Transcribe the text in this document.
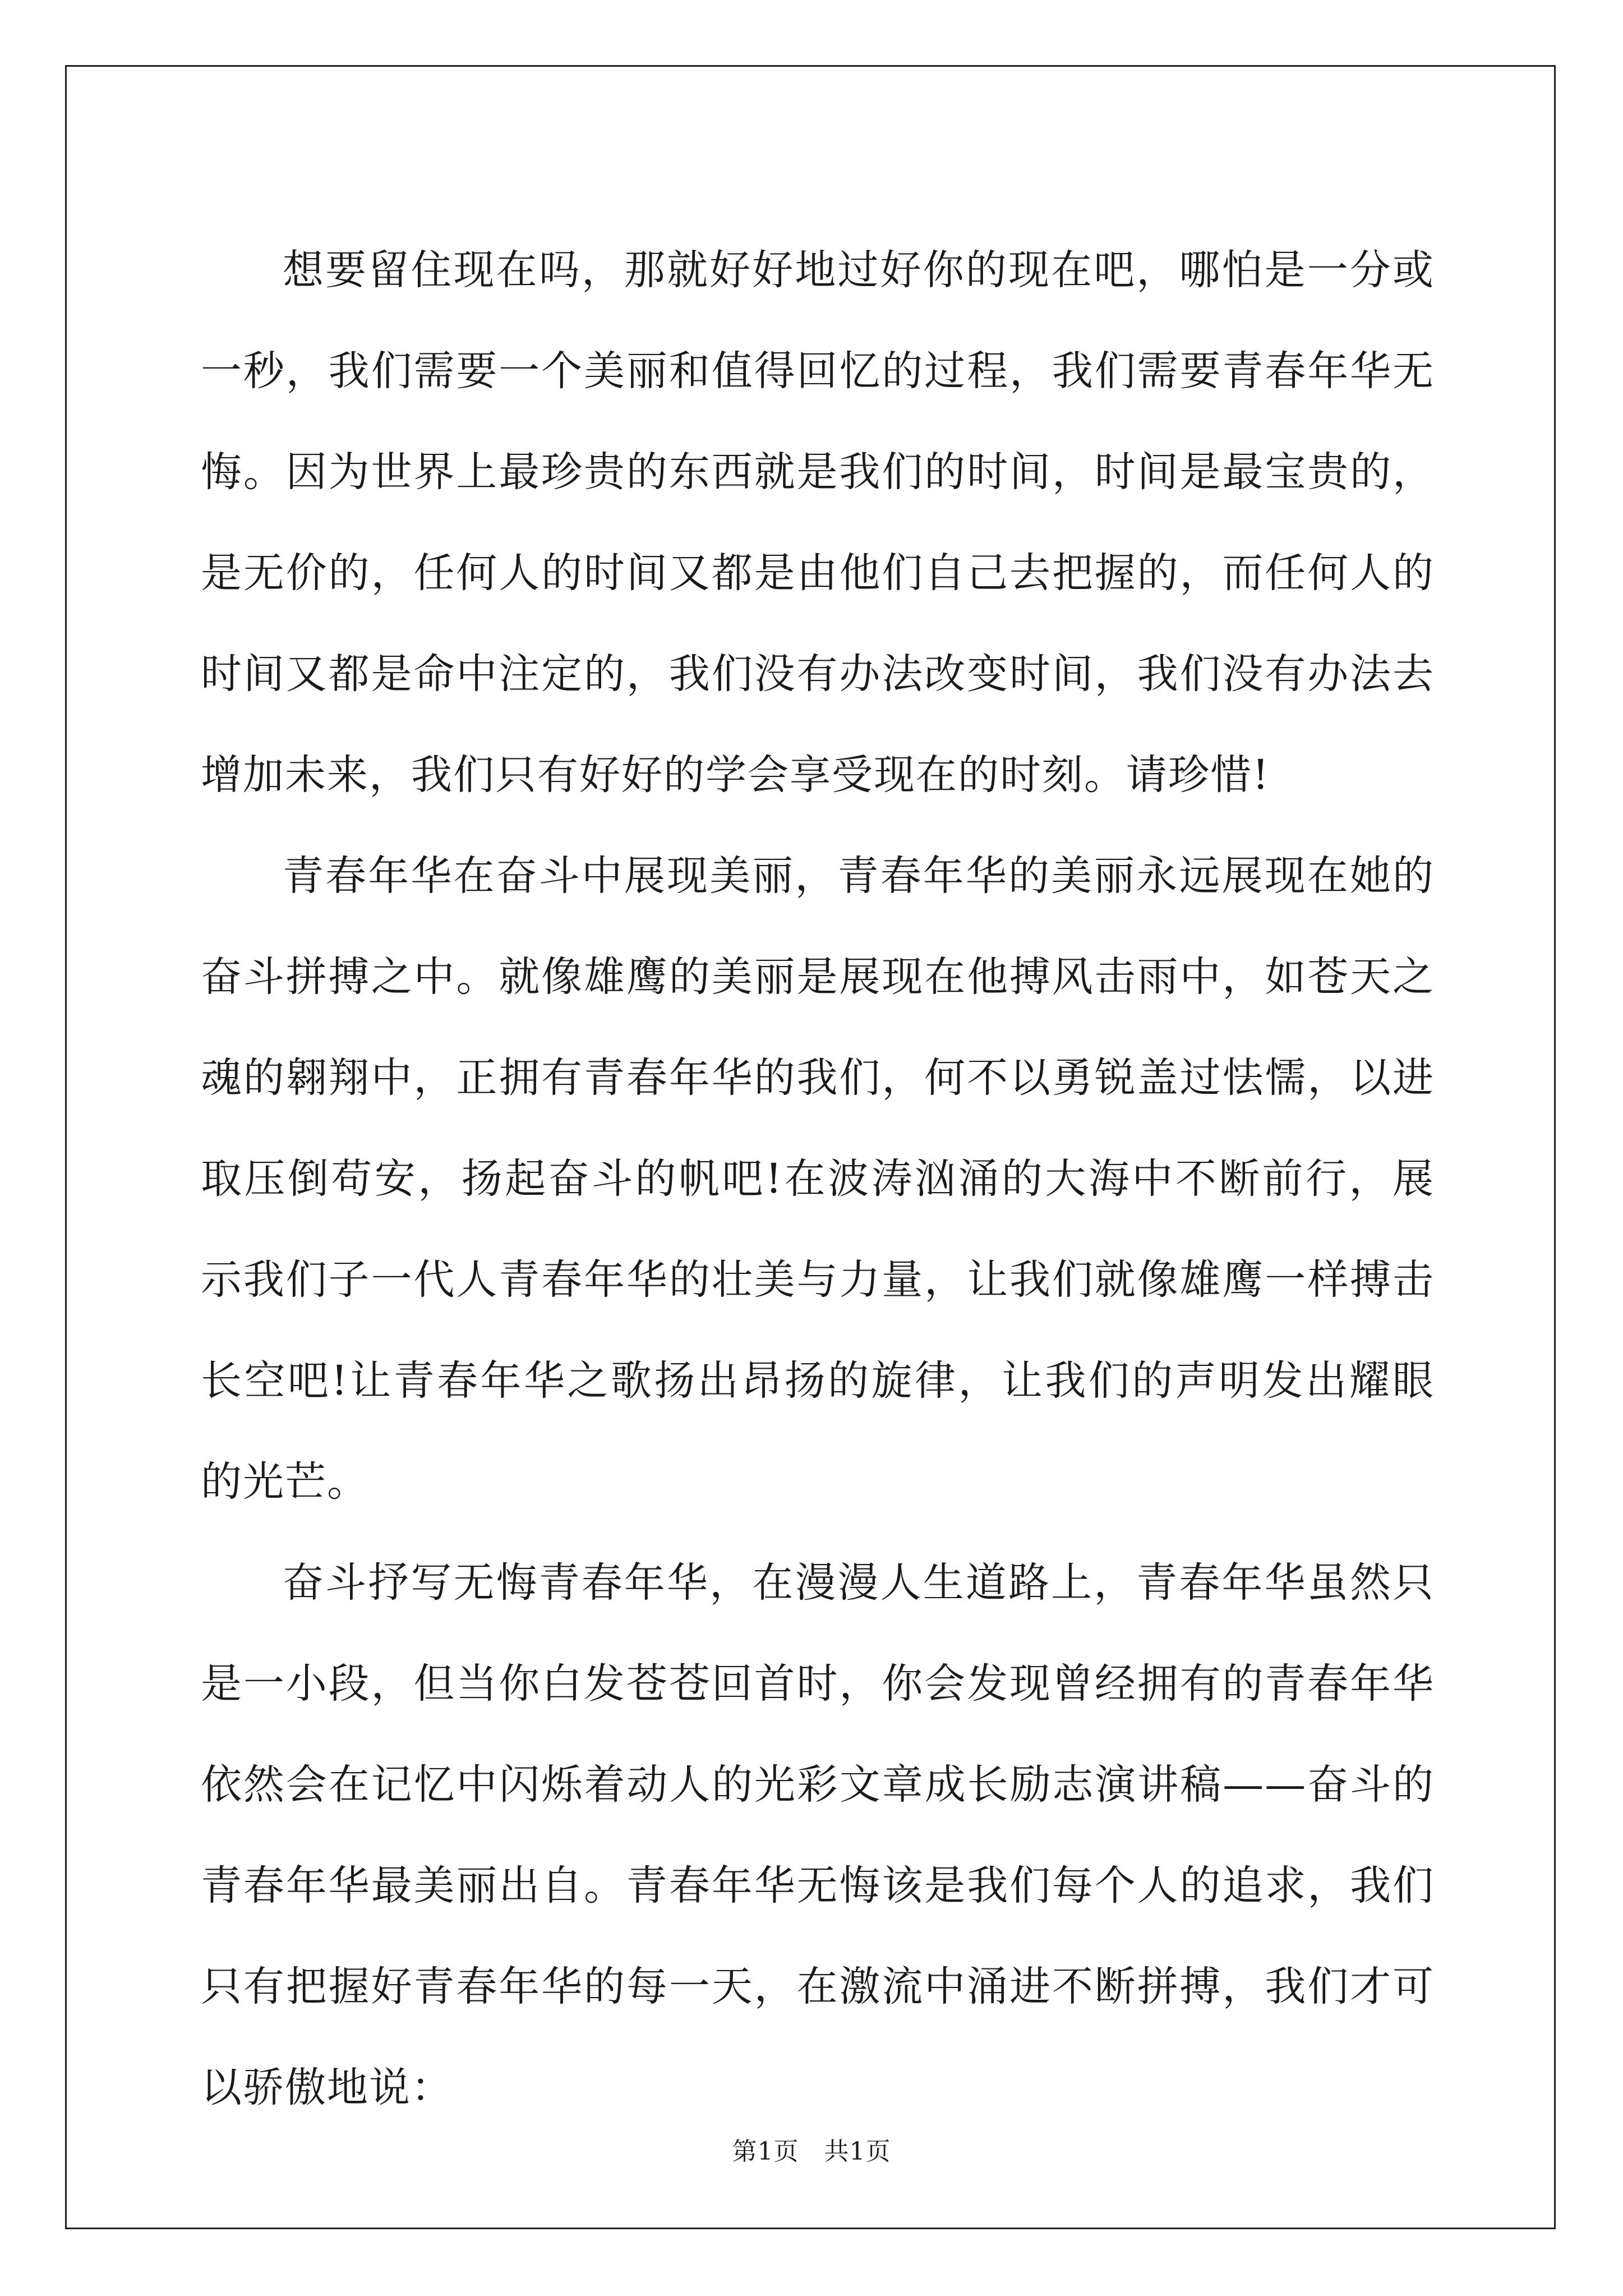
想要留住现在吗，那就好好地过好你的现在吧，哪怕是一分或一秒，我们需要一个美丽和值得回忆的过程，我们需要青春年华无悔。因为世界上最珍贵的东西就是我们的时间，时间是最宝贵的，是无价的，任何人的时间又都是由他们自己去把握的，而任何人的时间又都是命中注定的，我们没有办法改变时间，我们没有办法去增加未来，我们只有好好的学会享受现在的时刻。请珍惜!

青春年华在奋斗中展现美丽，青春年华的美丽永远展现在她的奋斗拼搏之中。就像雄鹰的美丽是展现在他搏风击雨中，如苍天之魂的翱翔中，正拥有青春年华的我们，何不以勇锐盖过怯懦，以进取压倒苟安，扬起奋斗的帆吧!在波涛汹涌的大海中不断前行，展示我们子一代人青春年华的壮美与力量，让我们就像雄鹰一样搏击长空吧!让青春年华之歌扬出昂扬的旋律，让我们的声明发出耀眼的光芒。

奋斗抒写无悔青春年华，在漫漫人生道路上，青春年华虽然只是一小段，但当你白发苍苍回首时，你会发现曾经拥有的青春年华依然会在记忆中闪烁着动人的光彩文章成长励志演讲稿——奋斗的青春年华最美丽出自。青春年华无悔该是我们每个人的追求，我们只有把握好青春年华的每一天，在激流中涌进不断拼搏，我们才可以骄傲地说：

第1页　共1页
